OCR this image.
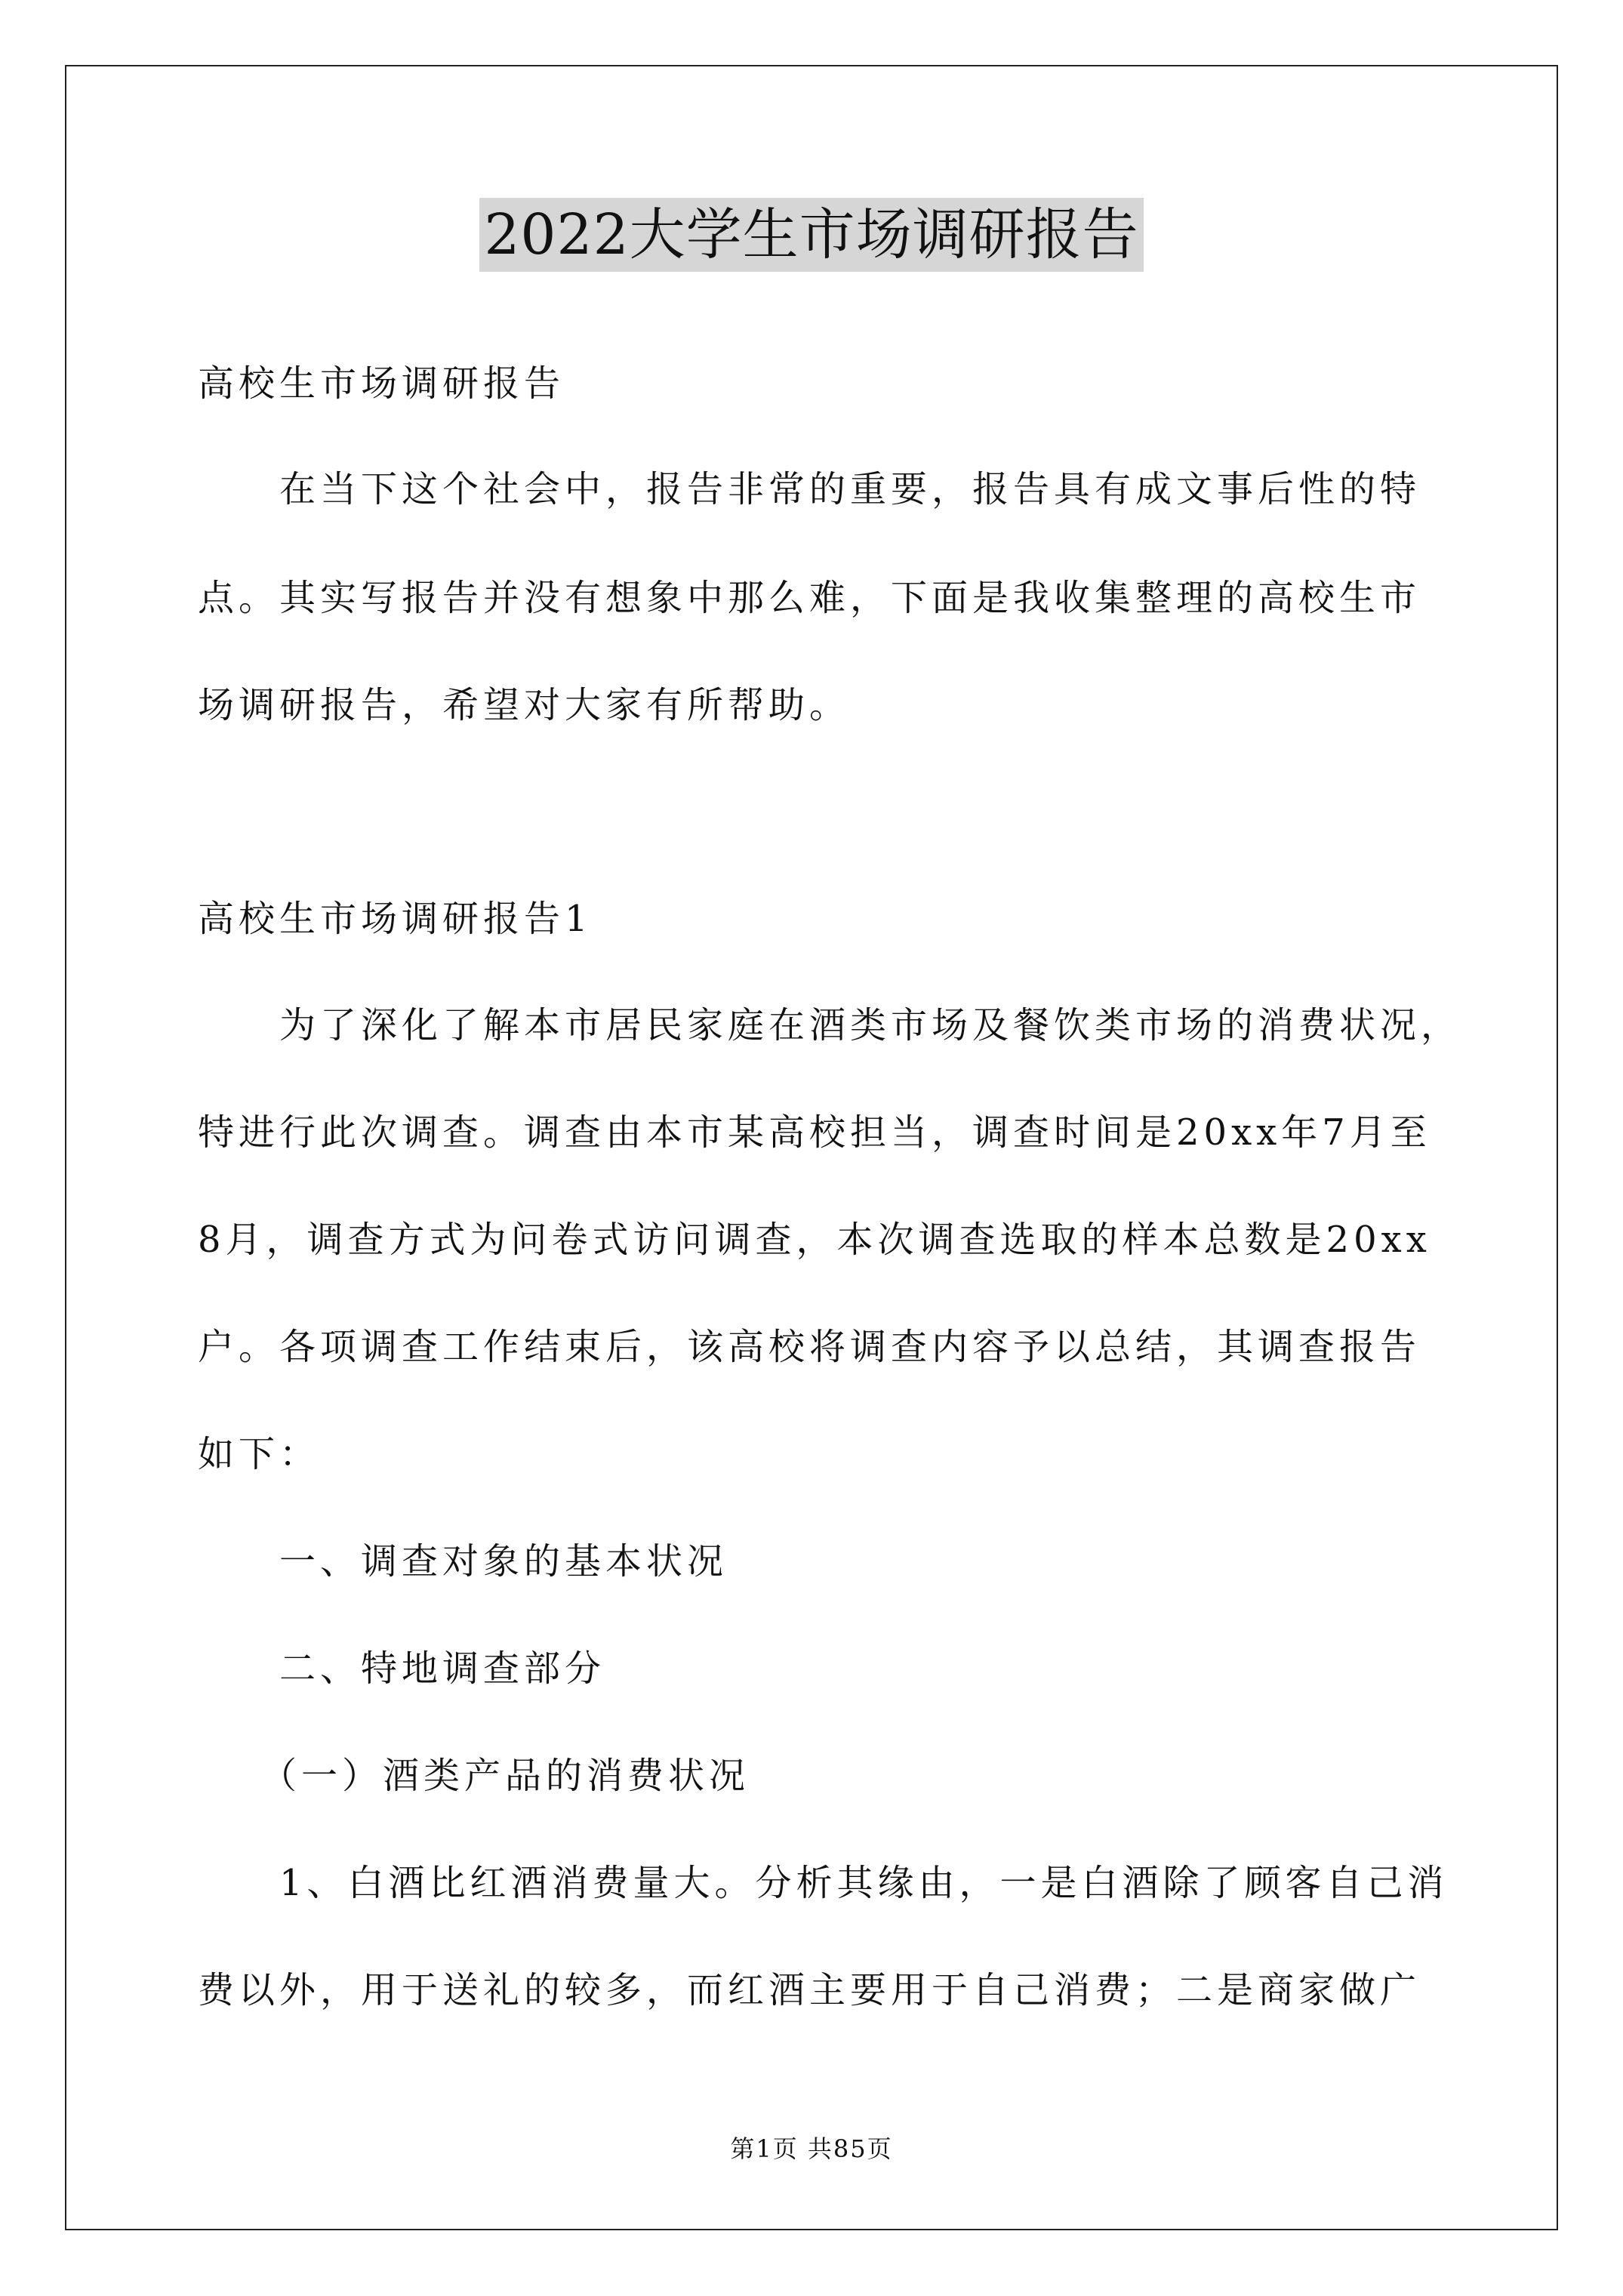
2022大学生市场调研报告
高校生市场调研报告
在当下这个社会中，报告非常的重要，报告具有成文事后性的特
点。其实写报告并没有想象中那么难，下面是我收集整理的高校生市
场调研报告，希望对大家有所帮助。
高校生市场调研报告1
为了深化了解本市居民家庭在酒类市场及餐饮类市场的消费状况，
特进行此次调查。调查由本市某高校担当，调查时间是20xx年7月至
8月，调查方式为问卷式访问调查，本次调查选取的样本总数是20xx
户。各项调查工作结束后，该高校将调查内容予以总结，其调查报告
如下：
一、调查对象的基本状况
二、特地调查部分
（一）酒类产品的消费状况
1、白酒比红酒消费量大。分析其缘由，一是白酒除了顾客自己消
费以外，用于送礼的较多，而红酒主要用于自己消费；二是商家做广
第1页 共85页
